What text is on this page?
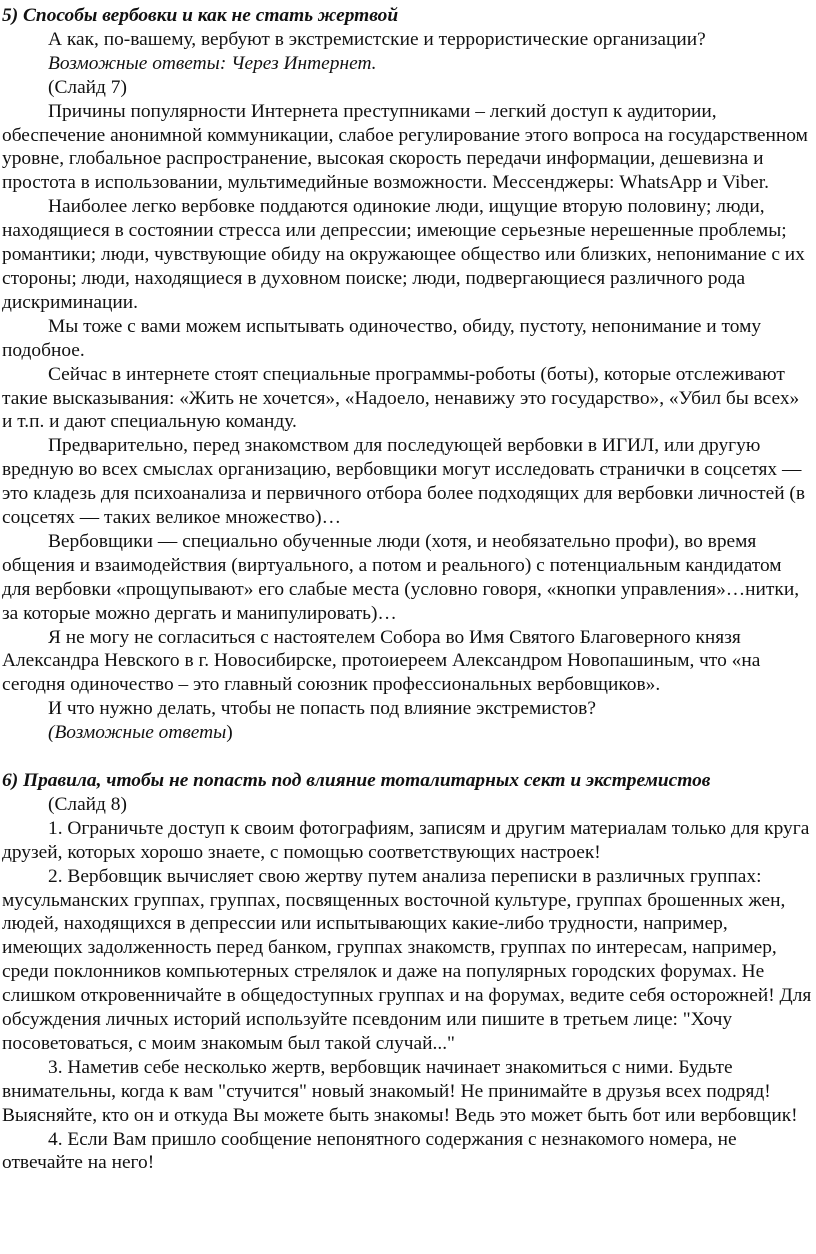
5) Способы вербовки и как не стать жертвой

А как, по-вашему, вербуют в экстремистские и террористические организации?

Возможные ответы: Через Интернет.

(Слайд 7)

Причины популярности Интернета преступниками – легкий доступ к аудитории, обеспечение анонимной коммуникации, слабое регулирование этого вопроса на государственном уровне, глобальное распространение, высокая скорость передачи информации, дешевизна и простота в использовании, мультимедийные возможности. Мессенджеры: WhatsApp и Viber.

Наиболее легко вербовке поддаются одинокие люди, ищущие вторую половину; люди, находящиеся в состоянии стресса или депрессии; имеющие серьезные нерешенные проблемы; романтики; люди, чувствующие обиду на окружающее общество или близких, непонимание с их стороны; люди, находящиеся в духовном поиске; люди, подвергающиеся различного рода дискриминации.

Мы тоже с вами можем испытывать одиночество, обиду, пустоту, непонимание и тому подобное.

Сейчас в интернете стоят специальные программы-роботы (боты), которые отслеживают такие высказывания: «Жить не хочется», «Надоело, ненавижу это государство», «Убил бы всех» и т.п. и дают специальную команду.

Предварительно, перед знакомством для последующей вербовки в ИГИЛ, или другую вредную во всех смыслах организацию, вербовщики могут исследовать странички в соцсетях — это кладезь для психоанализа и первичного отбора более подходящих для вербовки личностей (в соцсетях — таких великое множество)…

Вербовщики — специально обученные люди (хотя, и необязательно профи), во время общения и взаимодействия (виртуального, а потом и реального) с потенциальным кандидатом для вербовки «прощупывают» его слабые места (условно говоря, «кнопки управления»…нитки, за которые можно дергать и манипулировать)…

Я не могу не согласиться с настоятелем Собора во Имя Святого Благоверного князя Александра Невского в г. Новосибирске, протоиереем Александром Новопашиным, что «на сегодня одиночество – это главный союзник профессиональных вербовщиков».

И что нужно делать, чтобы не попасть под влияние экстремистов?

(Возможные ответы)

6) Правила, чтобы не попасть под влияние тоталитарных сект и экстремистов

(Слайд 8)

1. Ограничьте доступ к своим фотографиям, записям и другим материалам только для круга друзей, которых хорошо знаете, с помощью соответствующих настроек!

2. Вербовщик вычисляет свою жертву путем анализа переписки в различных группах: мусульманских группах, группах, посвященных восточной культуре, группах брошенных жен, людей, находящихся в депрессии или испытывающих какие-либо трудности, например, имеющих задолженность перед банком, группах знакомств, группах по интересам, например, среди поклонников компьютерных стрелялок и даже на популярных городских форумах. Не слишком откровенничайте в общедоступных группах и на форумах, ведите себя осторожней! Для обсуждения личных историй используйте псевдоним или пишите в третьем лице: "Хочу посоветоваться, с моим знакомым был такой случай..."

3. Наметив себе несколько жертв, вербовщик начинает знакомиться с ними. Будьте внимательны, когда к вам "стучится" новый знакомый! Не принимайте в друзья всех подряд! Выясняйте, кто он и откуда Вы можете быть знакомы! Ведь это может быть бот или вербовщик!

4. Если Вам пришло сообщение непонятного содержания с незнакомого номера, не отвечайте на него!
